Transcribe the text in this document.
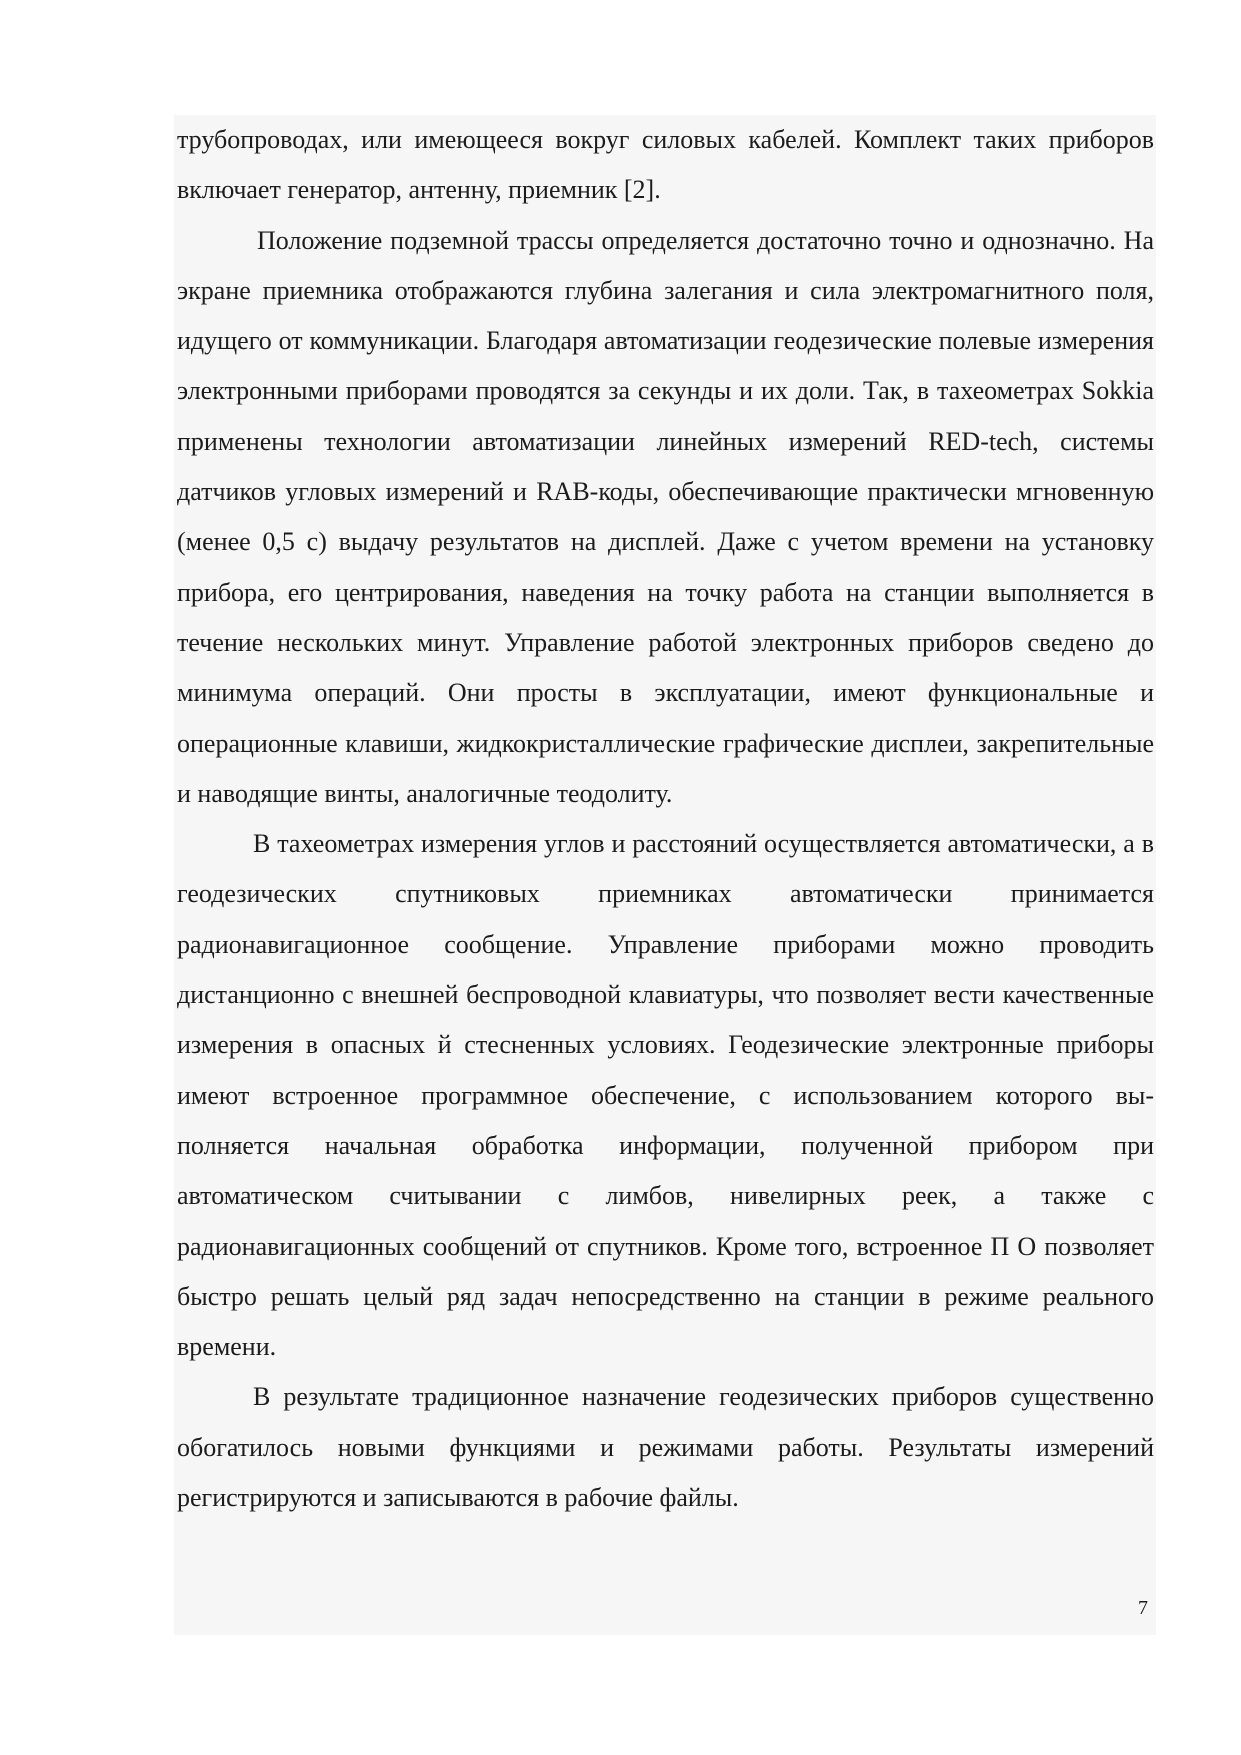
трубопроводах, или имеющееся вокруг силовых кабелей. Комплект таких приборов включает генератор, антенну, приемник [2].

Положение подземной трассы определяется достаточно точно и однозначно. На экране приемника отображаются глубина залегания и сила электромагнитного поля, идущего от коммуникации. Благодаря автоматизации геодезические полевые измерения электронными приборами проводятся за секунды и их доли. Так, в тахеометрах Sokkia применены технологии автоматизации линейных измерений RED-tech, системы датчиков угловых измерений и RAB-коды, обеспечивающие практически мгновенную (менее 0,5 с) выдачу результатов на дисплей. Даже с учетом времени на установку прибора, его центрирования, наведения на точку работа на станции выполняется в течение нескольких минут. Управление работой электронных приборов сведено до минимума операций. Они просты в эксплуатации, имеют функциональные и операционные клавиши, жидкокристаллические графические дисплеи, закрепительные и наводящие винты, аналогичные теодолиту.

В тахеометрах измерения углов и расстояний осуществляется автоматически, а в геодезических спутниковых приемниках автоматически принимается радионавигационное сообщение. Управление приборами можно проводить дистанционно с внешней беспроводной клавиатуры, что позволяет вести качественные измерения в опасных й стесненных условиях. Геодезические электронные приборы имеют встроенное программное обеспечение, с использованием которого вы- полняется начальная обработка информации, полученной прибором при автоматическом считывании с лимбов, нивелирных реек, а также с радионавигационных сообщений от спутников. Кроме того, встроенное П О позволяет быстро решать целый ряд задач непосредственно на станции в режиме реального времени.

В результате традиционное назначение геодезических приборов существенно обогатилось новыми функциями и режимами работы. Результаты измерений регистрируются и записываются в рабочие файлы.

7
